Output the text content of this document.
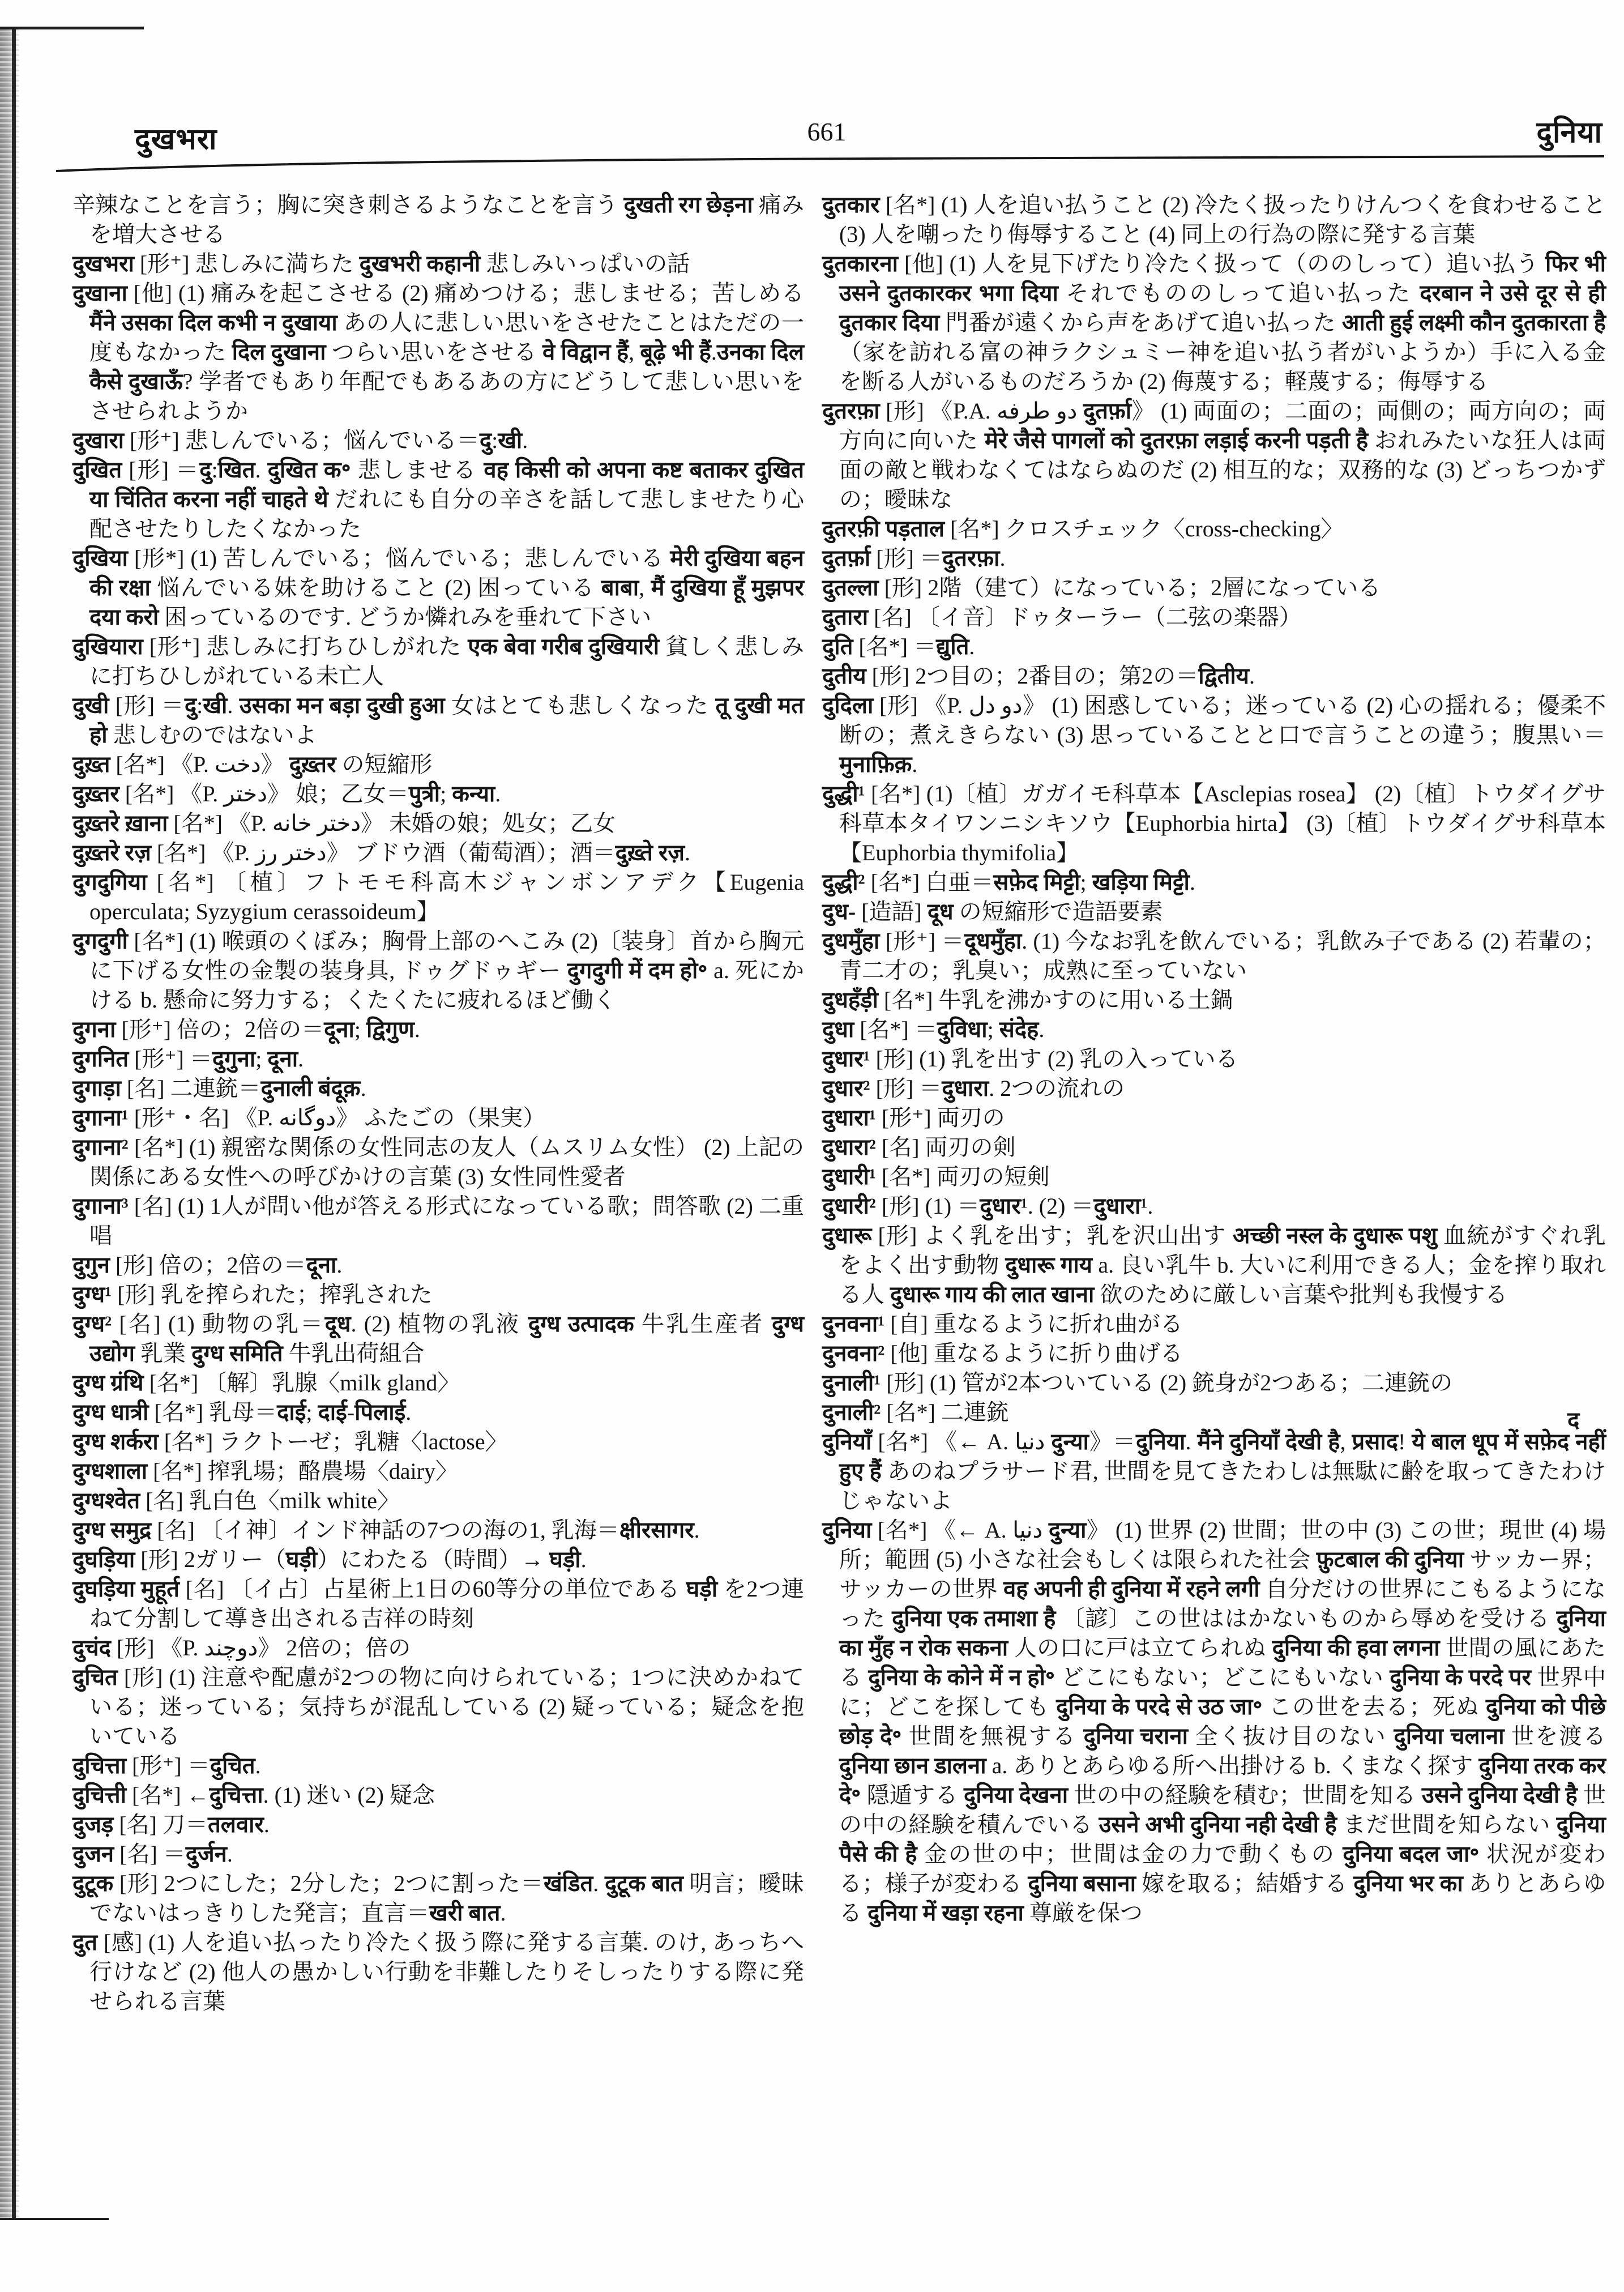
दुखभरा	661	दुनिया

辛辣なことを言う；胸に突き刺さるようなことを言う दुखती रग छेड़ना 痛みを増大させる

दुखभरा [形⁺] 悲しみに満ちた दुखभरी कहानी 悲しみいっぱいの話

दुखाना [他] (1) 痛みを起こさせる (2) 痛めつける；悲しませる；苦しめる मैंने उसका दिल कभी न दुखाया あの人に悲しい思いをさせたことはただの一度もなかった दिल दुखाना つらい思いをさせる वे विद्वान हैं, बूढ़े भी हैं.उनका दिल कैसे दुखाऊँ? 学者でもあり年配でもあるあの方にどうして悲しい思いをさせられようか

दुखारा [形⁺] 悲しんでいる；悩んでいる＝दु:खी.

दुखित [形] ＝दु:खित. दुखित क॰ 悲しませる वह किसी को अपना कष्ट बताकर दुखित या चिंतित करना नहीं चाहते थे だれにも自分の辛さを話して悲しませたり心配させたりしたくなかった

दुखिया [形*] (1) 苦しんでいる；悩んでいる；悲しんでいる मेरी दुखिया बहन की रक्षा 悩んでいる妹を助けること (2) 困っている बाबा, मैं दुखिया हूँ मुझपर दया करो 困っているのです. どうか憐れみを垂れて下さい

दुखियारा [形⁺] 悲しみに打ちひしがれた एक बेवा गरीब दुखियारी 貧しく悲しみに打ちひしがれている未亡人

दुखी [形] ＝दु:खी. उसका मन बड़ा दुखी हुआ 女はとても悲しくなった तू दुखी मत हो 悲しむのではないよ

दुख़्त [名*] 《P. دخت》 दुख़्तर の短縮形

दुख़्तर [名*] 《P. دختر》 娘；乙女＝पुत्री; कन्या.

दुख़्तरे ख़ाना [名*] 《P. دختر خانه》 未婚の娘；処女；乙女

दुख़्तरे रज़ [名*] 《P. دختر رز》 ブドウ酒（葡萄酒）；酒＝दुख़्ते रज़.

दुगदुगिया [名*] 〔植〕フトモモ科高木ジャンボンアデク【Eugenia operculata; Syzygium cerassoideum】

दुगदुगी [名*] (1) 喉頭のくぼみ；胸骨上部のへこみ (2)〔装身〕首から胸元に下げる女性の金製の装身具, ドゥグドゥギー दुगदुगी में दम हो॰ a. 死にかける b. 懸命に努力する；くたくたに疲れるほど働く

दुगना [形⁺] 倍の；2倍の＝दूना; द्विगुण.

दुगनित [形⁺] ＝दुगुना; दूना.

दुगाड़ा [名] 二連銃＝दुनाली बंदूक़.

दुगाना¹ [形⁺・名] 《P. دوگانه》 ふたごの（果実）

दुगाना² [名*] (1) 親密な関係の女性同志の友人（ムスリム女性） (2) 上記の関係にある女性への呼びかけの言葉 (3) 女性同性愛者

दुगाना³ [名] (1) 1人が問い他が答える形式になっている歌；問答歌 (2) 二重唱

दुगुन [形] 倍の；2倍の＝दूना.

दुग्ध¹ [形] 乳を搾られた；搾乳された

दुग्ध² [名] (1) 動物の乳＝दूध. (2) 植物の乳液 दुग्ध उत्पादक 牛乳生産者 दुग्ध उद्योग 乳業 दुग्ध समिति 牛乳出荷組合

दुग्ध ग्रंथि [名*] 〔解〕乳腺〈milk gland〉

दुग्ध धात्री [名*] 乳母＝दाई; दाई-पिलाई.

दुग्ध शर्करा [名*] ラクトーゼ；乳糖〈lactose〉

दुग्धशाला [名*] 搾乳場；酪農場〈dairy〉

दुग्धश्वेत [名] 乳白色〈milk white〉

दुग्ध समुद्र [名] 〔イ神〕インド神話の7つの海の1, 乳海＝क्षीरसागर.

दुघड़िया [形] 2ガリー（घड़ी）にわたる（時間）→ घड़ी.

दुघड़िया मुहूर्त [名] 〔イ占〕占星術上1日の60等分の単位である घड़ी を2つ連ねて分割して導き出される吉祥の時刻

दुचंद [形] 《P. دوچند》 2倍の；倍の

दुचित [形] (1) 注意や配慮が2つの物に向けられている；1つに決めかねている；迷っている；気持ちが混乱している (2) 疑っている；疑念を抱いている

दुचित्ता [形⁺] ＝दुचित.

दुचित्ती [名*] ←दुचित्ता. (1) 迷い (2) 疑念

दुजड़ [名] 刀＝तलवार.

दुजन [名] ＝दुर्जन.

दुटूक [形] 2つにした；2分した；2つに割った＝खंडित. दुटूक बात 明言；曖昧でないはっきりした発言；直言＝खरी बात.

दुत [感] (1) 人を追い払ったり冷たく扱う際に発する言葉. のけ, あっちへ行けなど (2) 他人の愚かしい行動を非難したりそしったりする際に発せられる言葉

दुतकार [名*] (1) 人を追い払うこと (2) 冷たく扱ったりけんつくを食わせること (3) 人を嘲ったり侮辱すること (4) 同上の行為の際に発する言葉

दुतकारना [他] (1) 人を見下げたり冷たく扱って（ののしって）追い払う फिर भी उसने दुतकारकर भगा दिया それでもののしって追い払った दरबान ने उसे दूर से ही दुतकार दिया 門番が遠くから声をあげて追い払った आती हुई लक्ष्मी कौन दुतकारता है （家を訪れる富の神ラクシュミー神を追い払う者がいようか）手に入る金を断る人がいるものだろうか (2) 侮蔑する；軽蔑する；侮辱する

दुतरफ़ा [形] 《P.A. دو طرفه दुतर्फ़ा》 (1) 両面の；二面の；両側の；両方向の；両方向に向いた मेरे जैसे पागलों को दुतरफ़ा लड़ाई करनी पड़ती है おれみたいな狂人は両面の敵と戦わなくてはならぬのだ (2) 相互的な；双務的な (3) どっちつかずの；曖昧な

दुतरफ़ी पड़ताल [名*] クロスチェック〈cross-checking〉

दुतर्फ़ा [形] ＝दुतरफ़ा.

दुतल्ला [形] 2階（建て）になっている；2層になっている

दुतारा [名] 〔イ音〕ドゥターラー（二弦の楽器）

दुति [名*] ＝द्युति.

दुतीय [形] 2つ目の；2番目の；第2の＝द्वितीय.

दुदिला [形] 《P. دو دل》 (1) 困惑している；迷っている (2) 心の揺れる；優柔不断の；煮えきらない (3) 思っていることと口で言うことの違う；腹黒い＝मुनाफ़िक़.

दुद्धी¹ [名*] (1)〔植〕ガガイモ科草本【Asclepias rosea】 (2)〔植〕トウダイグサ科草本タイワンニシキソウ【Euphorbia hirta】 (3)〔植〕トウダイグサ科草本【Euphorbia thymifolia】

दुद्धी² [名*] 白亜＝सफ़ेद मिट्टी; खड़िया मिट्टी.

दुध- [造語] दूध の短縮形で造語要素

दुधमुँहा [形⁺] ＝दूधमुँहा. (1) 今なお乳を飲んでいる；乳飲み子である (2) 若輩の；青二才の；乳臭い；成熟に至っていない

दुधहँड़ी [名*] 牛乳を沸かすのに用いる土鍋

दुधा [名*] ＝दुविधा; संदेह.

दुधार¹ [形] (1) 乳を出す (2) 乳の入っている

दुधार² [形] ＝दुधारा. 2つの流れの

दुधारा¹ [形⁺] 両刃の

दुधारा² [名] 両刃の剣

दुधारी¹ [名*] 両刃の短剣

दुधारी² [形] (1) ＝दुधार¹. (2) ＝दुधारा¹.

दुधारू [形] よく乳を出す；乳を沢山出す अच्छी नस्ल के दुधारू पशु 血統がすぐれ乳をよく出す動物 दुधारू गाय a. 良い乳牛 b. 大いに利用できる人；金を搾り取れる人 दुधारू गाय की लात खाना 欲のために厳しい言葉や批判も我慢する

दुनवना¹ [自] 重なるように折れ曲がる

दुनवना² [他] 重なるように折り曲げる

दुनाली¹ [形] (1) 管が2本ついている (2) 銃身が2つある；二連銃の

दुनाली² [名*] 二連銃

दुनियाँ [名*] 《← A. دنيا दुन्या》＝दुनिया. मैंने दुनियाँ देखी है, प्रसाद! ये बाल धूप में सफ़ेद नहीं हुए हैं あのねプラサード君, 世間を見てきたわしは無駄に齢を取ってきたわけじゃないよ

दुनिया [名*] 《← A. دنيا दुन्या》 (1) 世界 (2) 世間；世の中 (3) この世；現世 (4) 場所；範囲 (5) 小さな社会もしくは限られた社会 फ़ुटबाल की दुनिया サッカー界；サッカーの世界 वह अपनी ही दुनिया में रहने लगी 自分だけの世界にこもるようになった दुनिया एक तमाशा है 〔諺〕この世ははかないものから辱めを受ける दुनिया का मुँह न रोक सकना 人の口に戸は立てられぬ दुनिया की हवा लगना 世間の風にあたる दुनिया के कोने में न हो॰ どこにもない；どこにもいない दुनिया के परदे पर 世界中に；どこを探しても दुनिया के परदे से उठ जा॰ この世を去る；死ぬ दुनिया को पीछे छोड़ दे॰ 世間を無視する दुनिया चराना 全く抜け目のない दुनिया चलाना 世を渡る दुनिया छान डालना a. ありとあらゆる所へ出掛ける b. くまなく探す दुनिया तरक कर दे॰ 隠遁する दुनिया देखना 世の中の経験を積む；世間を知る उसने दुनिया देखी है 世の中の経験を積んでいる उसने अभी दुनिया नही देखी है まだ世間を知らない दुनिया पैसे की है 金の世の中；世間は金の力で動くもの दुनिया बदल जा॰ 状況が変わる；様子が変わる दुनिया बसाना 嫁を取る；結婚する दुनिया भर का ありとあらゆる दुनिया में खड़ा रहना 尊厳を保つ

द
